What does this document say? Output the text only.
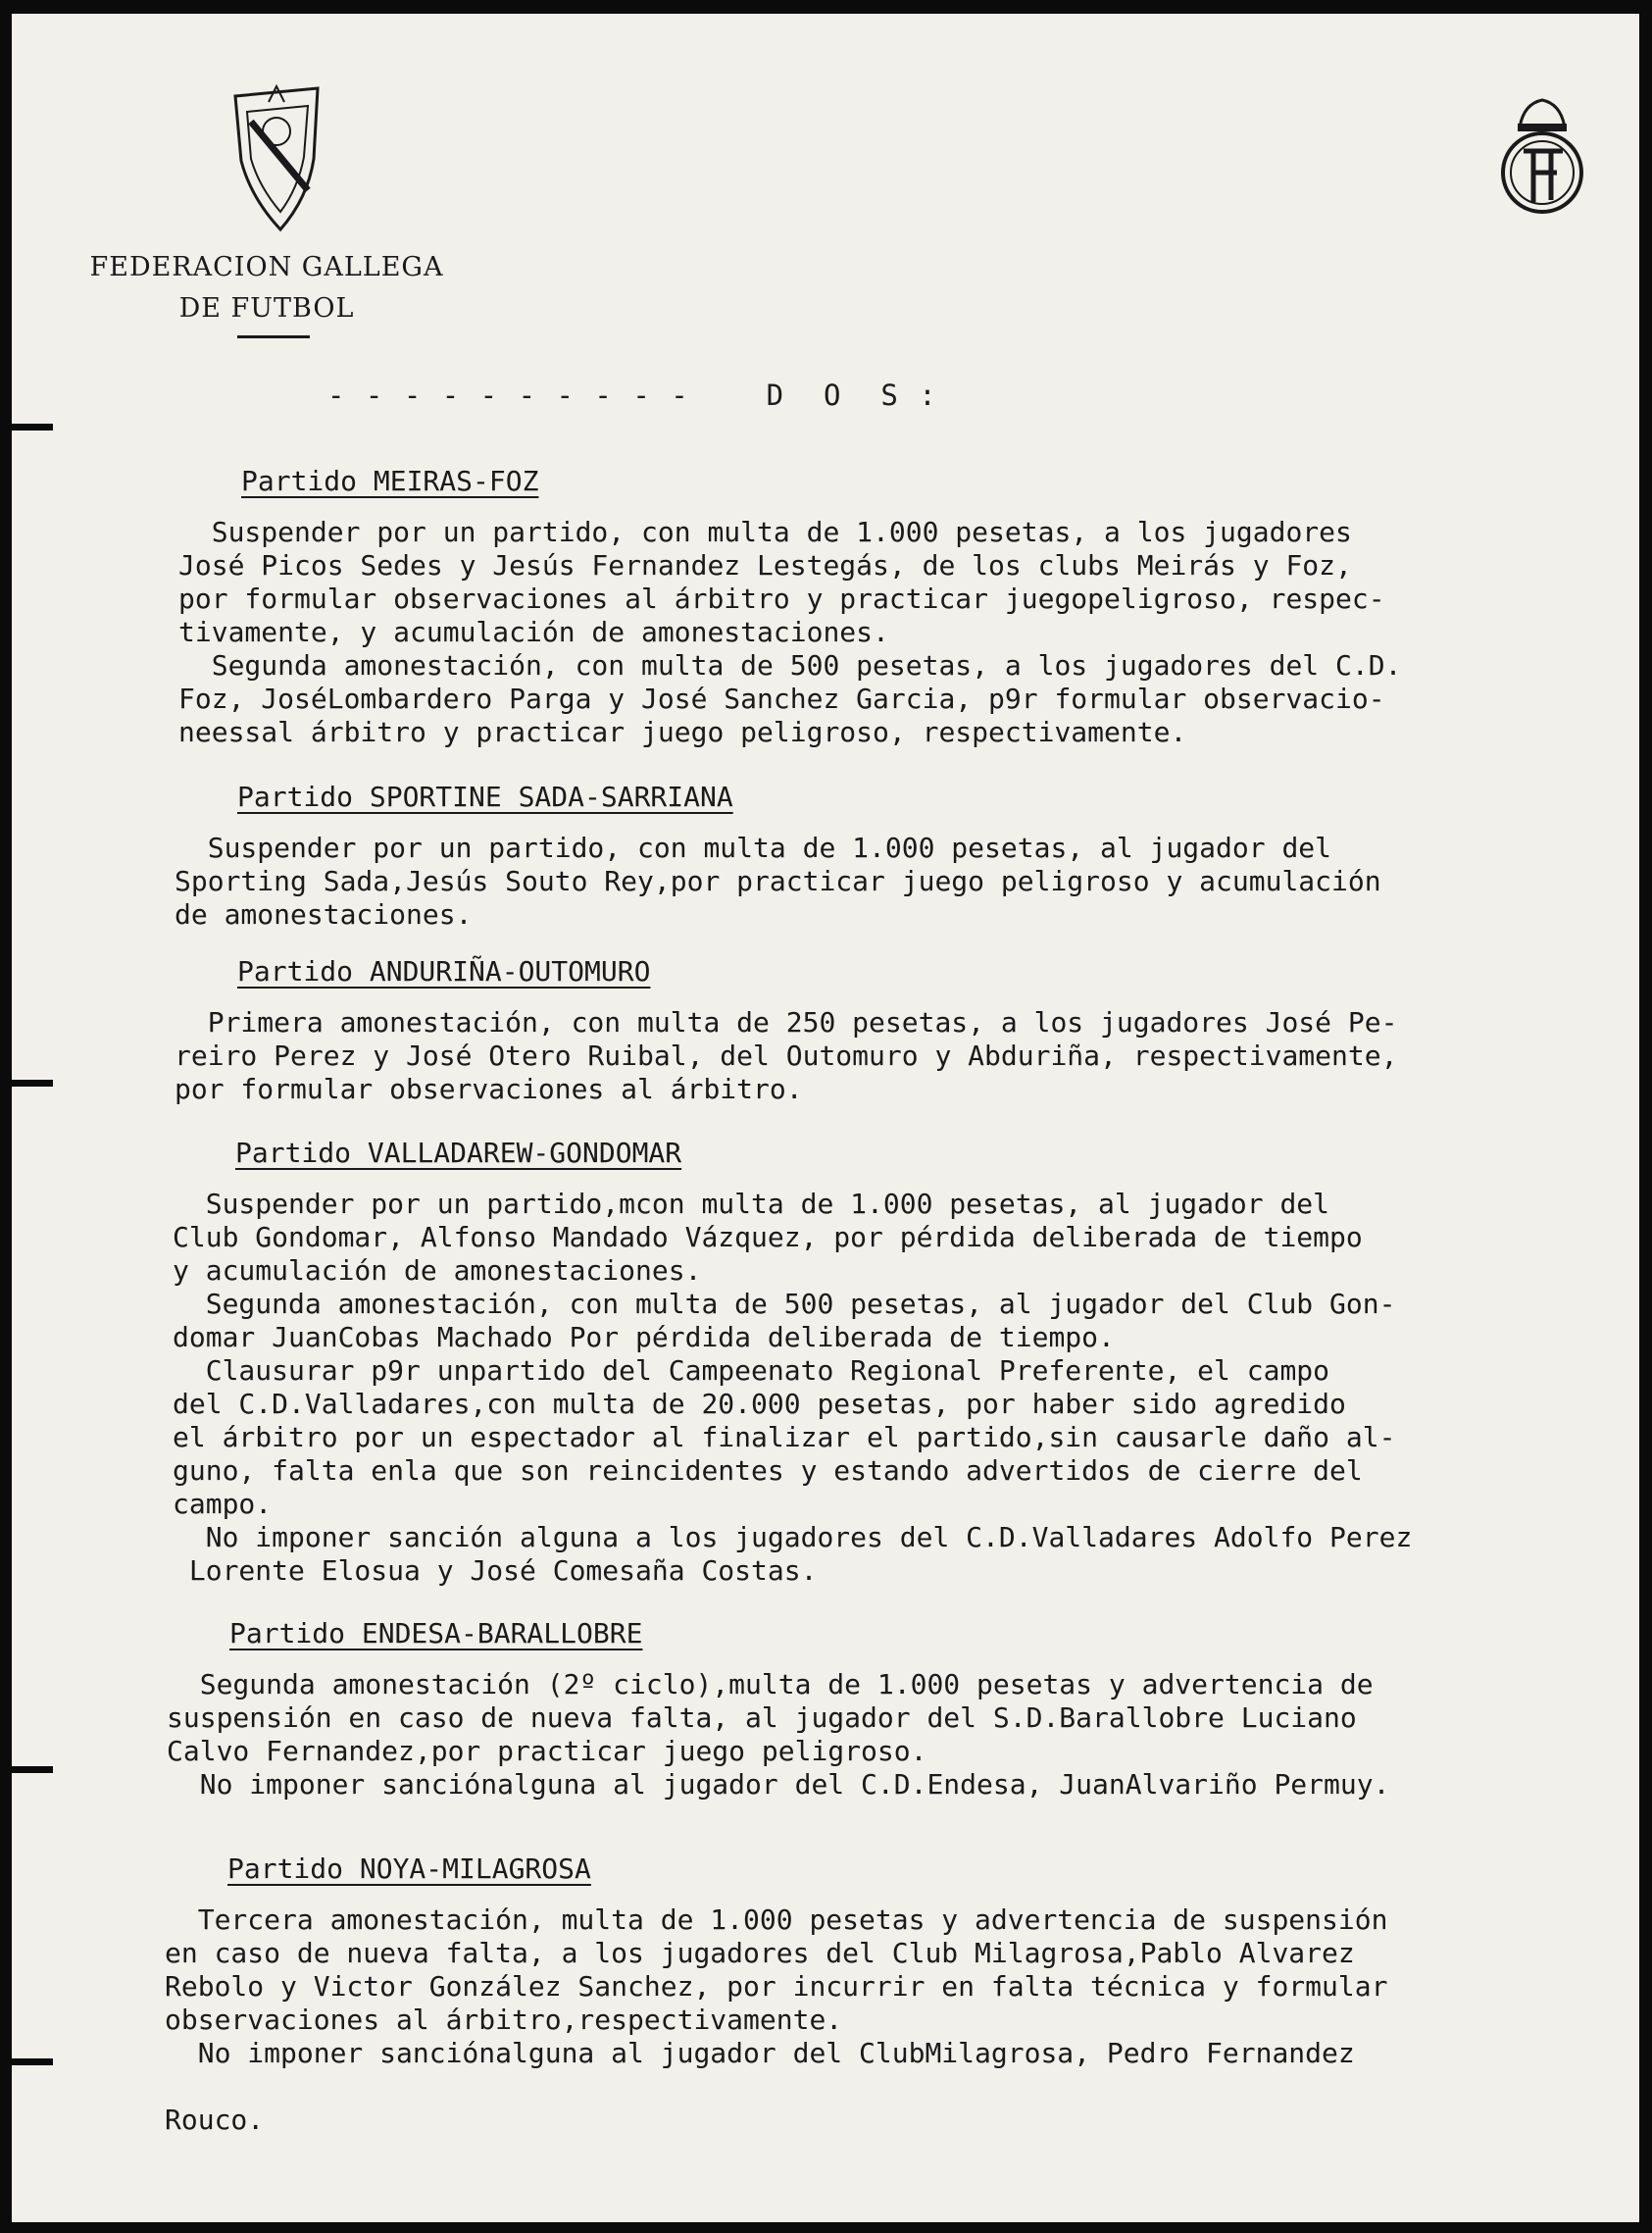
FEDERACION GALLEGA
DE FUTBOL
- - - - - - - - - -    D  O  S :
Partido MEIRAS-FOZ
Suspender por un partido, con multa de 1.000 pesetas, a los jugadores
José Picos Sedes y Jesús Fernandez Lestegás, de los clubs Meirás y Foz,
por formular observaciones al árbitro y practicar juegopeligroso, respec-
tivamente, y acumulación de amonestaciones.
Segunda amonestación, con multa de 500 pesetas, a los jugadores del C.D.
Foz, JoséLombardero Parga y José Sanchez Garcia, p9r formular observacio-
neessal árbitro y practicar juego peligroso, respectivamente.
Partido SPORTINE SADA-SARRIANA
Suspender por un partido, con multa de 1.000 pesetas, al jugador del
Sporting Sada,Jesús Souto Rey,por practicar juego peligroso y acumulación
de amonestaciones.
Partido ANDURIÑA-OUTOMURO
Primera amonestación, con multa de 250 pesetas, a los jugadores José Pe-
reiro Perez y José Otero Ruibal, del Outomuro y Abduriña, respectivamente,
por formular observaciones al árbitro.
Partido VALLADAREW-GONDOMAR
Suspender por un partido,mcon multa de 1.000 pesetas, al jugador del
Club Gondomar, Alfonso Mandado Vázquez, por pérdida deliberada de tiempo
y acumulación de amonestaciones.
Segunda amonestación, con multa de 500 pesetas, al jugador del Club Gon-
domar JuanCobas Machado Por pérdida deliberada de tiempo.
Clausurar p9r unpartido del Campeenato Regional Preferente, el campo
del C.D.Valladares,con multa de 20.000 pesetas, por haber sido agredido
el árbitro por un espectador al finalizar el partido,sin causarle daño al-
guno, falta enla que son reincidentes y estando advertidos de cierre del
campo.
No imponer sanción alguna a los jugadores del C.D.Valladares Adolfo Perez
Lorente Elosua y José Comesaña Costas.
Partido ENDESA-BARALLOBRE
Segunda amonestación (2º ciclo),multa de 1.000 pesetas y advertencia de
suspensión en caso de nueva falta, al jugador del S.D.Barallobre Luciano
Calvo Fernandez,por practicar juego peligroso.
No imponer sanciónalguna al jugador del C.D.Endesa, JuanAlvariño Permuy.
Partido NOYA-MILAGROSA
Tercera amonestación, multa de 1.000 pesetas y advertencia de suspensión
en caso de nueva falta, a los jugadores del Club Milagrosa,Pablo Alvarez
Rebolo y Victor González Sanchez, por incurrir en falta técnica y formular
observaciones al árbitro,respectivamente.
No imponer sanciónalguna al jugador del ClubMilagrosa, Pedro Fernandez

Rouco.
